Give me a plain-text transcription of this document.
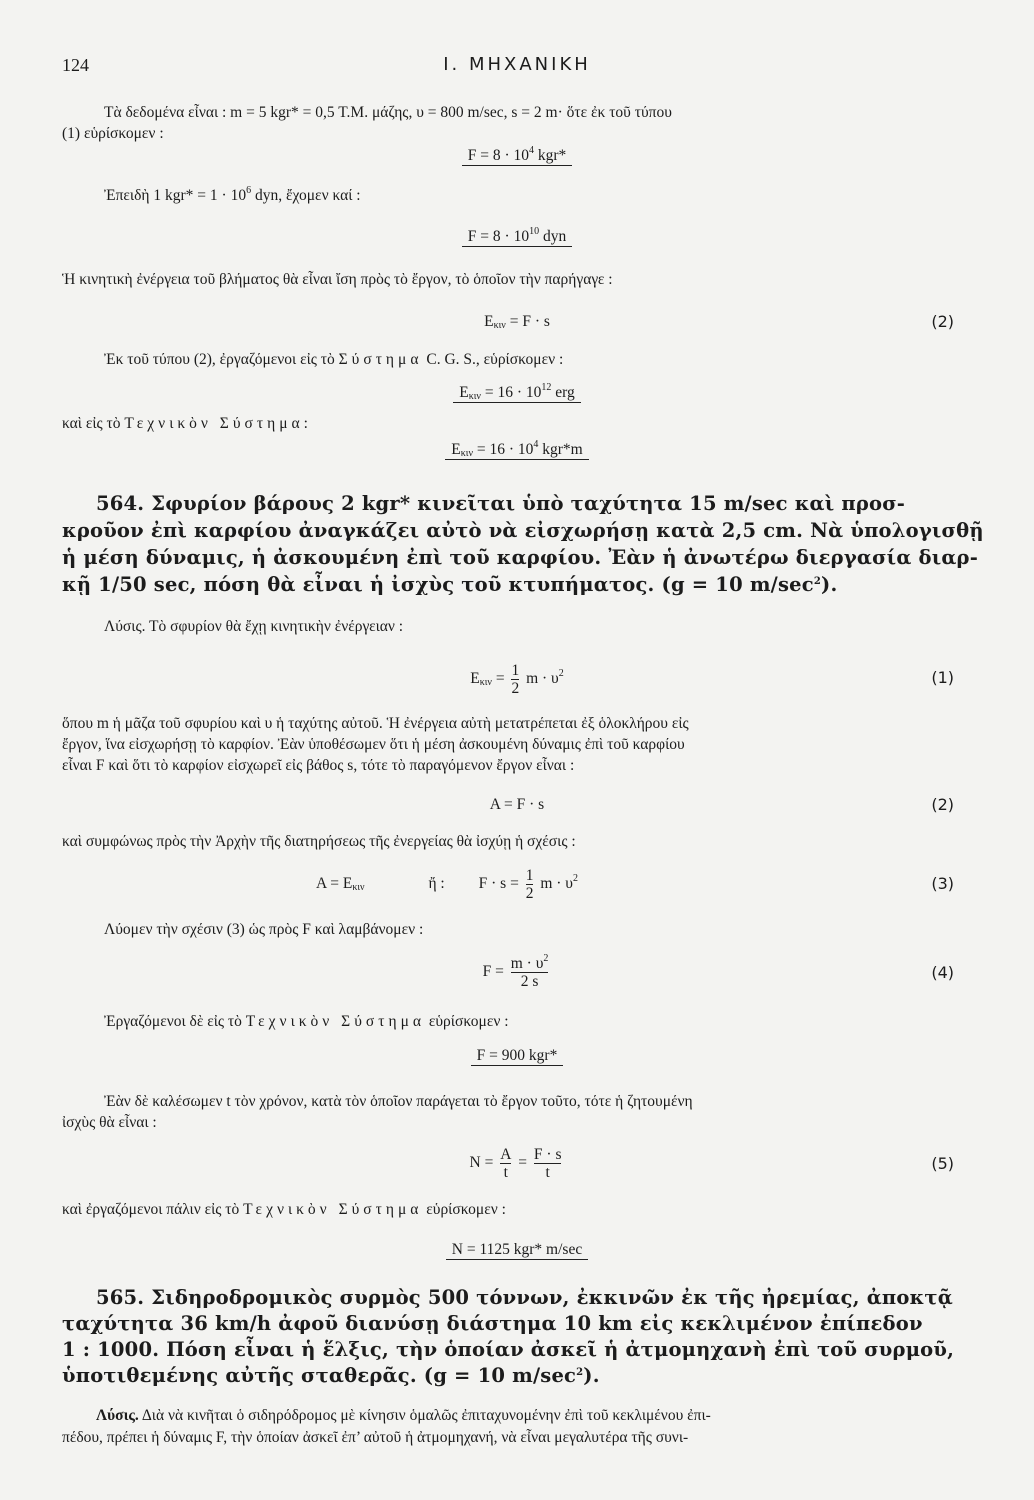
124	Ι. ΜΗΧΑΝΙΚΗ
Τὰ δεδομένα εἶναι : m = 5 kgr* = 0,5 T.M. μάζης, υ = 800 m/sec, s = 2 m· ὅτε ἐκ τοῦ τύπου
(1) εὑρίσκομεν :
$F = 8 \cdot 10^4$ kgr*
Ἐπειδὴ 1 $kgr* = 1 \cdot 10^6$ dyn, ἔχομεν καί :
$F = 8 \cdot 10^{10}$ dyn
Ἡ κινητικὴ ἐνέργεια τοῦ βλήματος θὰ εἶναι ἴση πρὸς τὸ ἔργον, τὸ ὁποῖον τὴν παρήγαγε :
$E_{\kappa\iota\nu} = F \cdot s$	(2)
Ἐκ τοῦ τύπου (2), ἐργαζόμενοι εἰς τὸ Σύστημα C. G. S., εὑρίσκομεν :
$E_{\kappa\iota\nu} = 16 \cdot 10^{12}$ erg
καὶ εἰς τὸ Τεχνικὸν Σύστημα:
$E_{\kappa\iota\nu} = 16 \cdot 10^4$ kgr*m
564. Σφυρίον βάρους 2 kgr* κινεῖται ὑπὸ ταχύτητα 15 m/sec καὶ προσ-
κροῦον ἐπὶ καρφίου ἀναγκάζει αὐτὸ νὰ εἰσχωρήσῃ κατὰ 2,5 cm. Νὰ ὑπολογισθῇ
ἡ μέση δύναμις, ἡ ἀσκουμένη ἐπὶ τοῦ καρφίου. Ἐὰν ἡ ἀνωτέρω διεργασία διαρ-
κῇ 1/50 sec, πόση θὰ εἶναι ἡ ἰσχὺς τοῦ κτυπήματος. (g = 10 $m/\sec^2$).
Λύσις. Τὸ σφυρίον θὰ ἔχῃ κινητικὴν ἐνέργειαν :
$E_{\kappa\iota\nu} = \frac{1}{2}$ $m \cdot \upsilon^2$	(1)
ὅπου m ἡ μᾶζα τοῦ σφυρίου καὶ υ ἡ ταχύτης αὐτοῦ. Ἡ ἐνέργεια αὐτὴ μετατρέπεται ἐξ ὁλοκλήρου εἰς
ἔργον, ἵνα εἰσχωρήσῃ τὸ καρφίον. Ἐὰν ὑποθέσωμεν ὅτι ἡ μέση ἀσκουμένη δύναμις ἐπὶ τοῦ καρφίου
εἶναι F καὶ ὅτι τὸ καρφίον εἰσχωρεῖ εἰς βάθος s, τότε τὸ παραγόμενον ἔργον εἶναι :
A = F · s	(2)
καὶ συμφώνως πρὸς τὴν Ἀρχὴν τῆς διατηρήσεως τῆς ἐνεργείας θὰ ἰσχύῃ ἡ σχέσις :
$A = E_{\kappa\iota\nu}$	ἤ : $F \cdot s = \frac{1}{2}$ $m \cdot \upsilon^2$	(3)
Λύομεν τὴν σχέσιν (3) ὡς πρὸς F καὶ λαμβάνομεν :
$F = \frac{m \cdot \upsilon^2}{2 s}$	(4)
Ἐργαζόμενοι δὲ εἰς τὸ Τεχνικὸν Σύστημα εὑρίσκομεν :
F = 900 kgr*
Ἐὰν δὲ καλέσωμεν t τὸν χρόνον, κατὰ τὸν ὁποῖον παράγεται τὸ ἔργον τοῦτο, τότε ἡ ζητουμένη
ἰσχὺς θὰ εἶναι :
$N = \frac{A}{t} = \frac{F \cdot s}{t}$	(5)
καὶ ἐργαζόμενοι πάλιν εἰς τὸ Τεχνικὸν Σύστημα εὑρίσκομεν :
N = 1125 kgr* m/sec
565. Σιδηροδρομικὸς συρμὸς 500 τόννων, ἐκκινῶν ἐκ τῆς ἠρεμίας, ἀποκτᾷ
ταχύτητα 36 km/h ἀφοῦ διανύσῃ διάστημα 10 km εἰς κεκλιμένον ἐπίπεδον
1 : 1000. Πόση εἶναι ἡ ἕλξις, τὴν ὁποίαν ἀσκεῖ ἡ ἀτμομηχανὴ ἐπὶ τοῦ συρμοῦ,
ὑποτιθεμένης αὐτῆς σταθερᾶς. (g = 10 $m/\sec^2$).
Λύσις. Διὰ νὰ κινῆται ὁ σιδηρόδρομος μὲ κίνησιν ὁμαλῶς ἐπιταχυνομένην ἐπὶ τοῦ κεκλιμένου ἐπι-
πέδου, πρέπει ἡ δύναμις F, τὴν ὁποίαν ἀσκεῖ ἐπ’ αὐτοῦ ἡ ἀτμομηχανή, νὰ εἶναι μεγαλυτέρα τῆς συνι-
